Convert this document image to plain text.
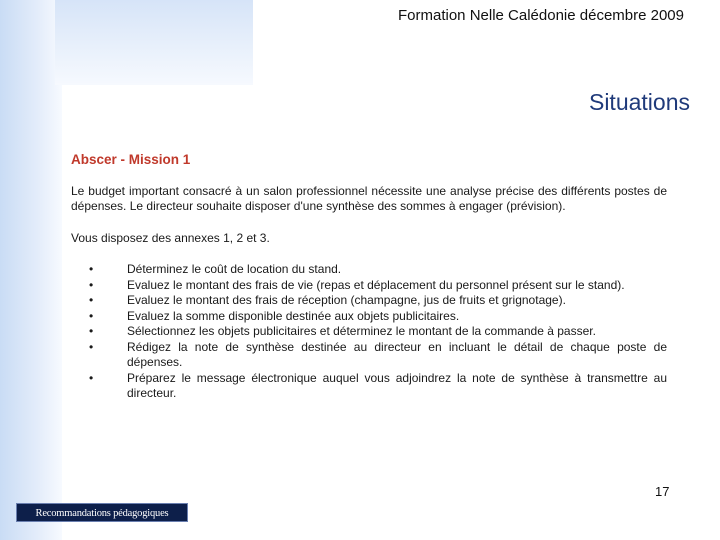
Formation Nelle Calédonie décembre 2009
Situations
Abscer - Mission 1
Le budget important consacré à un salon professionnel nécessite une analyse précise des différents postes de dépenses. Le directeur souhaite disposer d'une synthèse des sommes à engager (prévision).
Vous disposez des annexes 1, 2 et 3.
•	Déterminez le coût de location du stand.
•	Evaluez le montant des frais de vie (repas et déplacement du personnel présent sur le stand).
•	Evaluez le montant des frais de réception (champagne, jus de fruits et grignotage).
•	Evaluez la somme disponible destinée aux objets publicitaires.
•	Sélectionnez les objets publicitaires et déterminez le montant de la commande à passer.
•	Rédigez la note de synthèse destinée au directeur en incluant le détail de chaque poste de dépenses.
•	Préparez le message électronique auquel vous adjoindrez la note de synthèse à transmettre au directeur.
17
Recommandations pédagogiques
